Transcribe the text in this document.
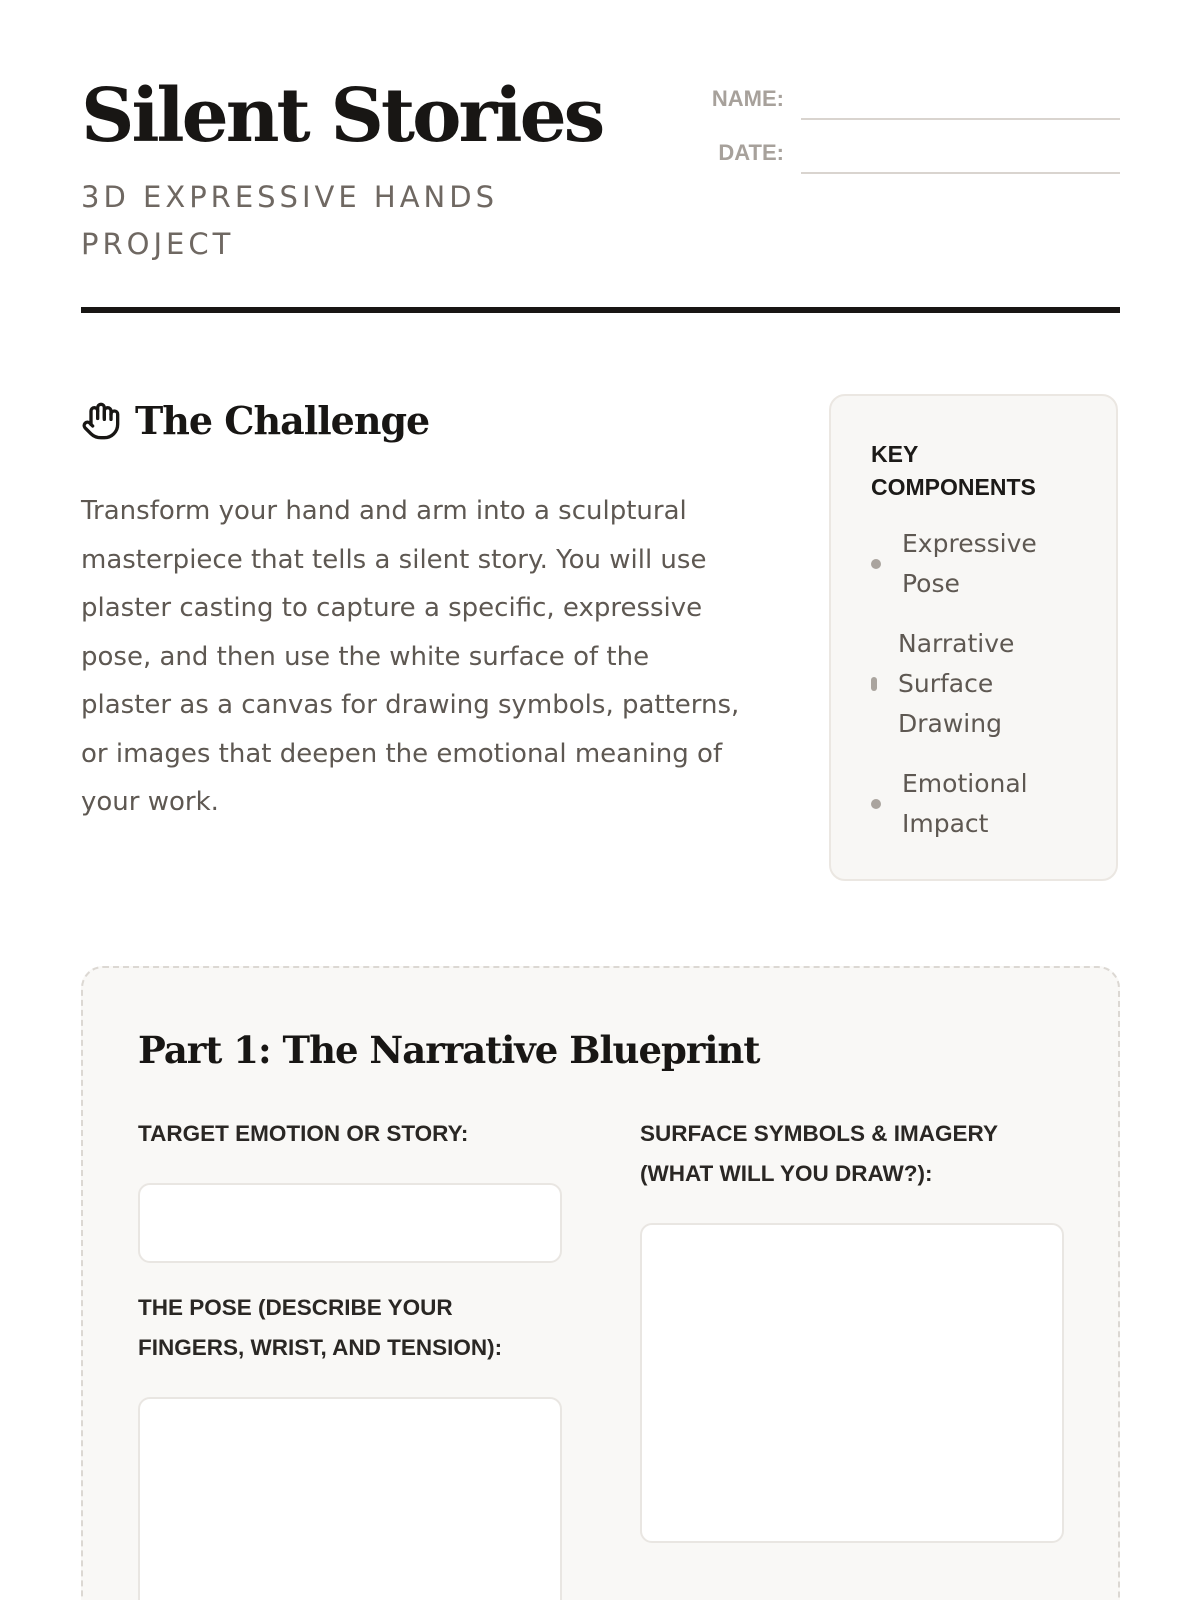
Silent Stories

3D EXPRESSIVE HANDS PROJECT

NAME:
DATE:
The Challenge

Transform your hand and arm into a sculptural masterpiece that tells a silent story. You will use plaster casting to capture a specific, expressive pose, and then use the white surface of the plaster as a canvas for drawing symbols, patterns, or images that deepen the emotional meaning of your work.

KEY COMPONENTS
Expressive Pose
Narrative Surface Drawing
Emotional Impact
Part 1: The Narrative Blueprint

TARGET EMOTION OR STORY:

THE POSE (DESCRIBE YOUR FINGERS, WRIST, AND TENSION):

SURFACE SYMBOLS & IMAGERY (WHAT WILL YOU DRAW?):
